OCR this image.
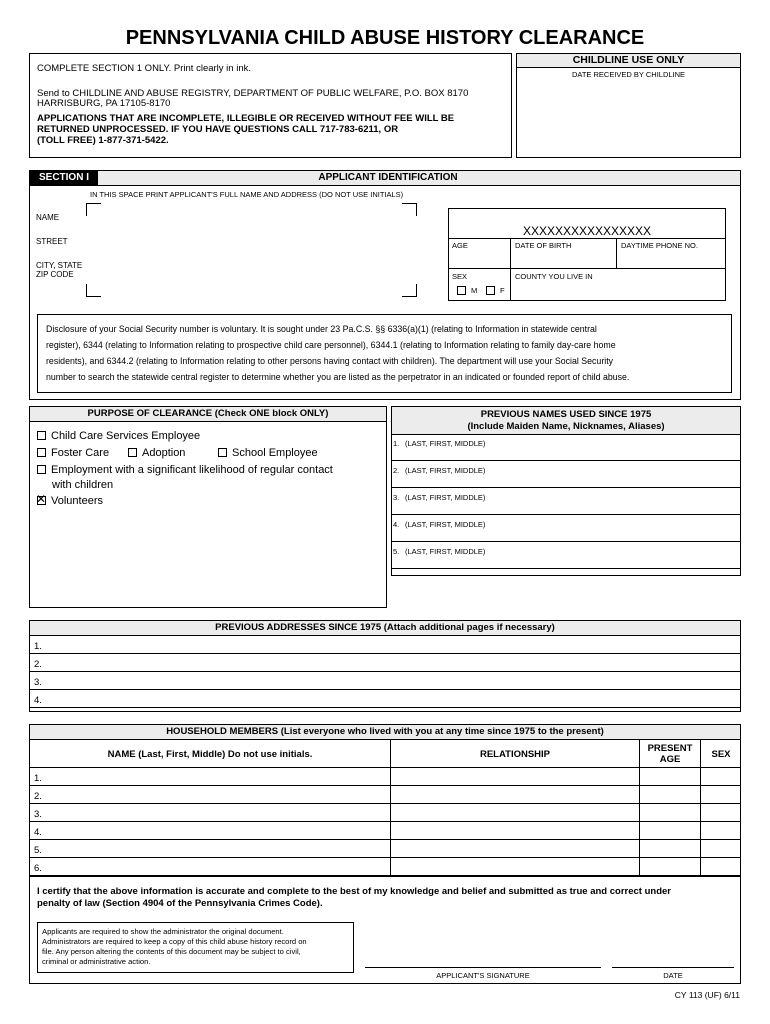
PENNSYLVANIA CHILD ABUSE HISTORY CLEARANCE
COMPLETE SECTION 1 ONLY. Print clearly in ink.
Send to CHILDLINE AND ABUSE REGISTRY, DEPARTMENT OF PUBLIC WELFARE, P.O. BOX 8170
HARRISBURG, PA 17105-8170
APPLICATIONS THAT ARE INCOMPLETE, ILLEGIBLE OR RECEIVED WITHOUT FEE WILL BE
RETURNED UNPROCESSED. IF YOU HAVE QUESTIONS CALL 717-783-6211, OR
(TOLL FREE) 1-877-371-5422.
CHILDLINE USE ONLY
DATE RECEIVED BY CHILDLINE
SECTION I	APPLICANT IDENTIFICATION
IN THIS SPACE PRINT APPLICANT'S FULL NAME AND ADDRESS (DO NOT USE INITIALS)
NAME
STREET
CITY, STATE
ZIP CODE
XXXXXXXXXXXXXXXX
AGE	DATE OF BIRTH	DAYTIME PHONE NO.
SEX	COUNTY YOU LIVE IN
M	F
Disclosure of your Social Security number is voluntary. It is sought under 23 Pa.C.S. §§ 6336(a)(1) (relating to Information in statewide central
register), 6344 (relating to Information relating to prospective child care personnel), 6344.1 (relating to Information relating to family day-care home
residents), and 6344.2 (relating to Information relating to other persons having contact with children). The department will use your Social Security
number to search the statewide central register to determine whether you are listed as the perpetrator in an indicated or founded report of child abuse.
PURPOSE OF CLEARANCE (Check ONE block ONLY)
Child Care Services Employee
Foster Care	Adoption	School Employee
Employment with a significant likelihood of regular contact
with children
✕Volunteers
PREVIOUS NAMES USED SINCE 1975
(Include Maiden Name, Nicknames, Aliases)
1. (LAST, FIRST, MIDDLE)
2. (LAST, FIRST, MIDDLE)
3. (LAST, FIRST, MIDDLE)
4. (LAST, FIRST, MIDDLE)
5. (LAST, FIRST, MIDDLE)
PREVIOUS ADDRESSES SINCE 1975 (Attach additional pages if necessary)
1.
2.
3.
4.
HOUSEHOLD MEMBERS (List everyone who lived with you at any time since 1975 to the present)
NAME (Last, First, Middle) Do not use initials.	RELATIONSHIP
PRESENT
AGE	SEX
1.
2.
3.
4.
5.
6.
I certify that the above information is accurate and complete to the best of my knowledge and belief and submitted as true and correct under
penalty of law (Section 4904 of the Pennsylvania Crimes Code).
Applicants are required to show the administrator the original document.
Administrators are required to keep a copy of this child abuse history record on
file. Any person altering the contents of this document may be subject to civil,
criminal or administrative action.
APPLICANT'S SIGNATURE	DATE
CY 113 (UF) 6/11
